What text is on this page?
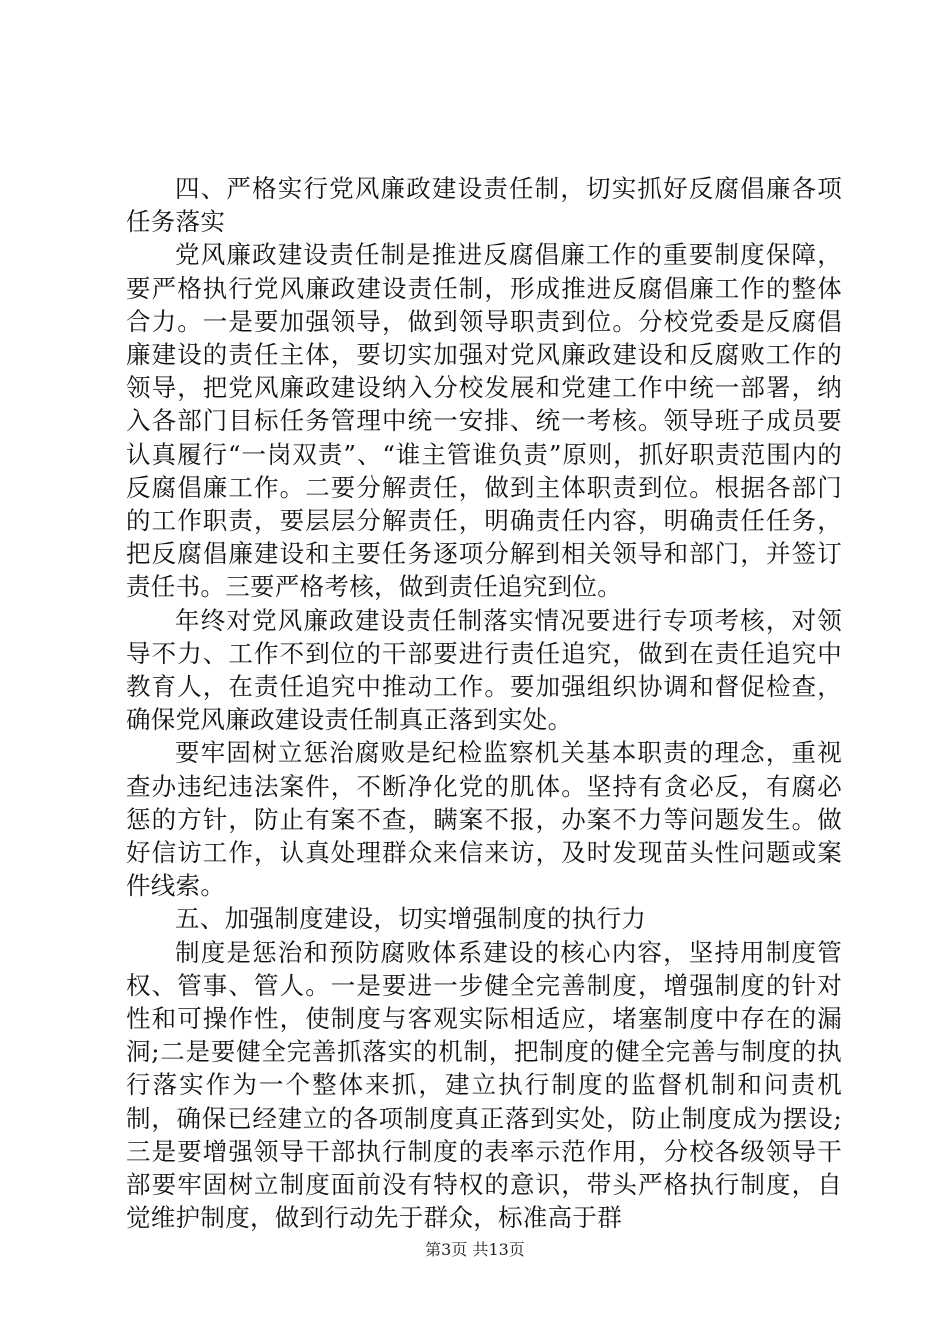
四、严格实行党风廉政建设责任制，切实抓好反腐倡廉各项任务落实

党风廉政建设责任制是推进反腐倡廉工作的重要制度保障，要严格执行党风廉政建设责任制，形成推进反腐倡廉工作的整体合力。一是要加强领导，做到领导职责到位。分校党委是反腐倡廉建设的责任主体，要切实加强对党风廉政建设和反腐败工作的领导，把党风廉政建设纳入分校发展和党建工作中统一部署，纳入各部门目标任务管理中统一安排、统一考核。领导班子成员要认真履行“一岗双责”、“谁主管谁负责”原则，抓好职责范围内的反腐倡廉工作。二要分解责任，做到主体职责到位。根据各部门的工作职责，要层层分解责任，明确责任内容，明确责任任务，把反腐倡廉建设和主要任务逐项分解到相关领导和部门，并签订责任书。三要严格考核，做到责任追究到位。

年终对党风廉政建设责任制落实情况要进行专项考核，对领导不力、工作不到位的干部要进行责任追究，做到在责任追究中教育人，在责任追究中推动工作。要加强组织协调和督促检查，确保党风廉政建设责任制真正落到实处。

要牢固树立惩治腐败是纪检监察机关基本职责的理念，重视查办违纪违法案件，不断净化党的肌体。坚持有贪必反，有腐必惩的方针，防止有案不查，瞒案不报，办案不力等问题发生。做好信访工作，认真处理群众来信来访，及时发现苗头性问题或案件线索。

五、加强制度建设，切实增强制度的执行力

制度是惩治和预防腐败体系建设的核心内容，坚持用制度管权、管事、管人。一是要进一步健全完善制度，增强制度的针对性和可操作性，使制度与客观实际相适应，堵塞制度中存在的漏洞;二是要健全完善抓落实的机制，把制度的健全完善与制度的执行落实作为一个整体来抓，建立执行制度的监督机制和问责机制，确保已经建立的各项制度真正落到实处，防止制度成为摆设;三是要增强领导干部执行制度的表率示范作用，分校各级领导干部要牢固树立制度面前没有特权的意识，带头严格执行制度，自觉维护制度，做到行动先于群众，标准高于群

第3页 共13页
